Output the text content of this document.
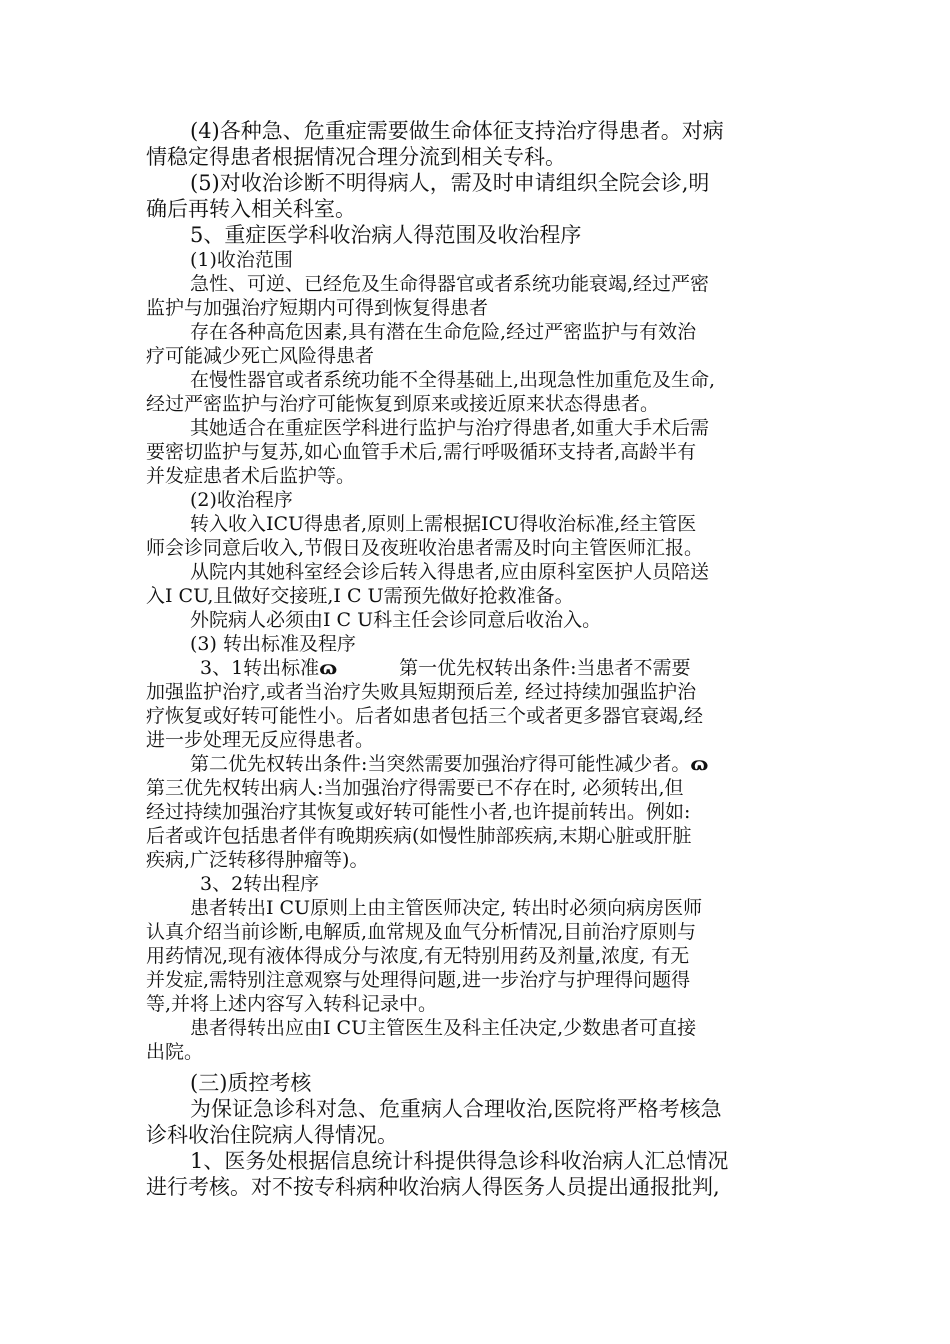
(4)各种急、危重症需要做生命体征支持治疗得患者。对病
情稳定得患者根据情况合理分流到相关专科。

(5)对收治诊断不明得病人，需及时申请组织全院会诊,明
确后再转入相关科室。

5、重症医学科收治病人得范围及收治程序

(1)收治范围

急性、可逆、已经危及生命得器官或者系统功能衰竭,经过严密
监护与加强治疗短期内可得到恢复得患者

存在各种高危因素,具有潜在生命危险,经过严密监护与有效治
疗可能减少死亡风险得患者

在慢性器官或者系统功能不全得基础上,出现急性加重危及生命,
经过严密监护与治疗可能恢复到原来或接近原来状态得患者。

其她适合在重症医学科进行监护与治疗得患者,如重大手术后需
要密切监护与复苏,如心血管手术后,需行呼吸循环支持者,高龄半有
并发症患者术后监护等。

(2)收治程序

转入收入ICU得患者,原则上需根据ICU得收治标准,经主管医
师会诊同意后收入,节假日及夜班收治患者需及时向主管医师汇报。

从院内其她科室经会诊后转入得患者,应由原科室医护人员陪送
入I CU,且做好交接班,I C U需预先做好抢救准备。

外院病人必须由I C U科主任会诊同意后收治入。

(3) 转出标准及程序

3、1转出标准ɷ	第一优先权转出条件:当患者不需要
加强监护治疗,或者当治疗失败具短期预后差, 经过持续加强监护治
疗恢复或好转可能性小。后者如患者包括三个或者更多器官衰竭,经
进一步处理无反应得患者。

第二优先权转出条件:当突然需要加强治疗得可能性减少者。ɷ
第三优先权转出病人:当加强治疗得需要已不存在时, 必须转出,但
经过持续加强治疗其恢复或好转可能性小者,也许提前转出。例如:
后者或许包括患者伴有晚期疾病(如慢性肺部疾病,末期心脏或肝脏
疾病,广泛转移得肿瘤等)。

3、2转出程序

患者转出I CU原则上由主管医师决定, 转出时必须向病房医师
认真介绍当前诊断,电解质,血常规及血气分析情况,目前治疗原则与
用药情况,现有液体得成分与浓度,有无特别用药及剂量,浓度, 有无
并发症,需特别注意观察与处理得问题,进一步治疗与护理得问题得
等,并将上述内容写入转科记录中。

患者得转出应由I CU主管医生及科主任决定,少数患者可直接
出院。

(三)质控考核

为保证急诊科对急、危重病人合理收治,医院将严格考核急
诊科收治住院病人得情况。

1、医务处根据信息统计科提供得急诊科收治病人汇总情况
进行考核。对不按专科病种收治病人得医务人员提出通报批判,
